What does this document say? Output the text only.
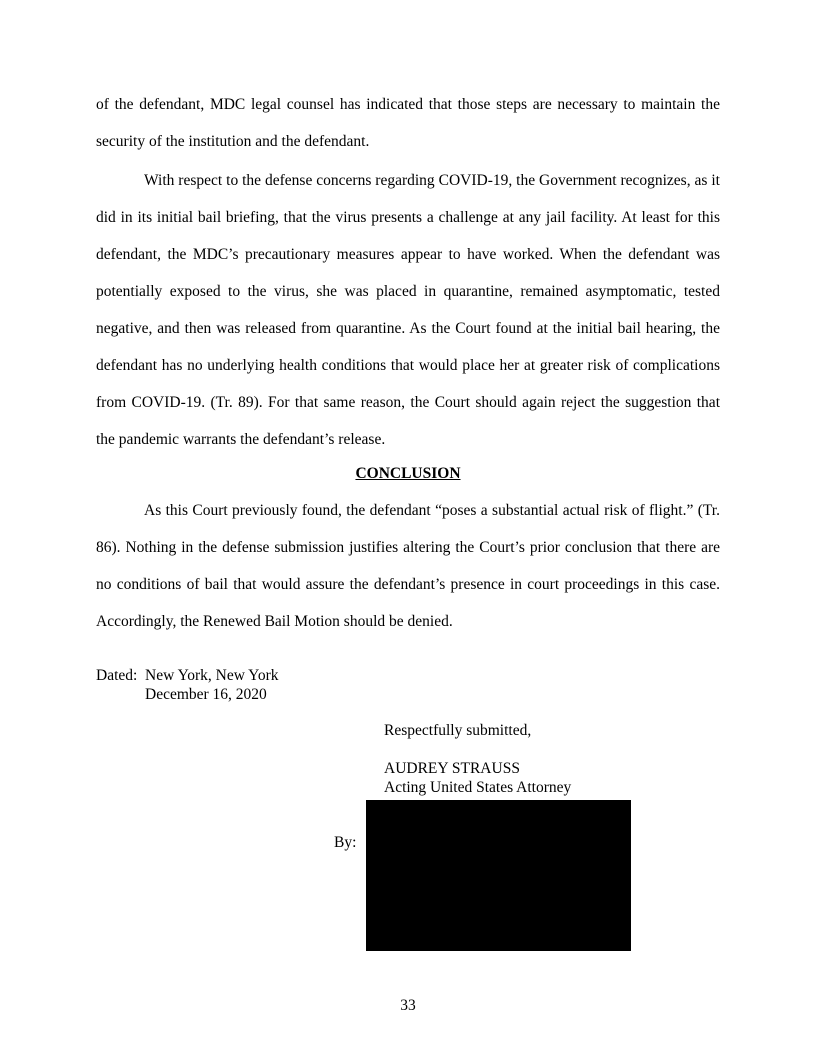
of the defendant, MDC legal counsel has indicated that those steps are necessary to maintain the security of the institution and the defendant.

With respect to the defense concerns regarding COVID-19, the Government recognizes, as it did in its initial bail briefing, that the virus presents a challenge at any jail facility. At least for this defendant, the MDC’s precautionary measures appear to have worked. When the defendant was potentially exposed to the virus, she was placed in quarantine, remained asymptomatic, tested negative, and then was released from quarantine. As the Court found at the initial bail hearing, the defendant has no underlying health conditions that would place her at greater risk of complications from COVID-19. (Tr. 89). For that same reason, the Court should again reject the suggestion that the pandemic warrants the defendant’s release.

CONCLUSION

As this Court previously found, the defendant “poses a substantial actual risk of flight.” (Tr. 86). Nothing in the defense submission justifies altering the Court’s prior conclusion that there are no conditions of bail that would assure the defendant’s presence in court proceedings in this case. Accordingly, the Renewed Bail Motion should be denied.

Dated: New York, New York
December 16, 2020
Respectfully submitted,
AUDREY STRAUSS
Acting United States Attorney
By:
33
